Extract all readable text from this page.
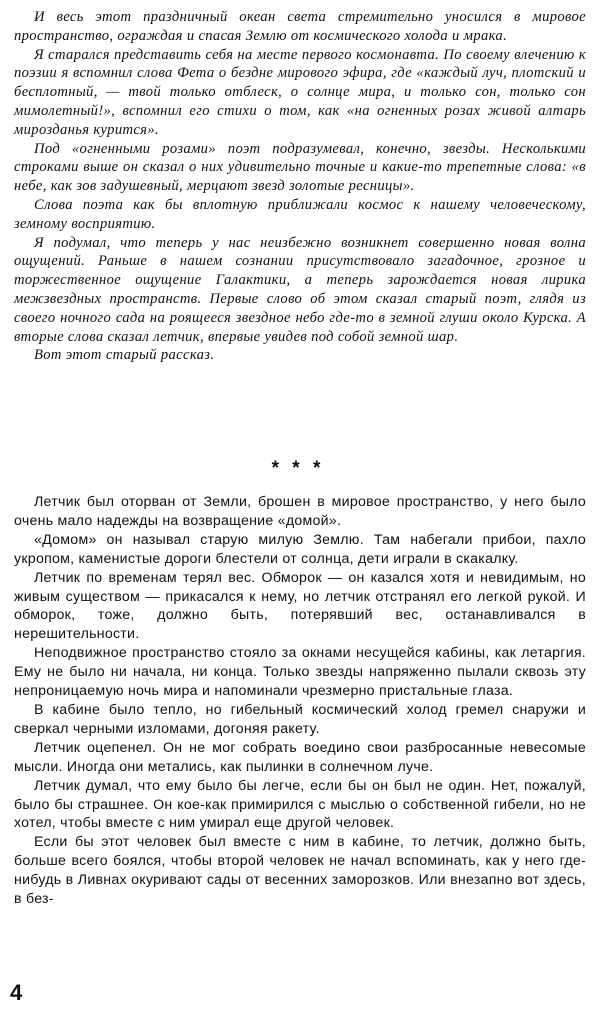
И весь этот праздничный океан света стремительно уносился в мировое пространство, ограждая и спасая Землю от космического холода и мрака.

Я старался представить себя на месте первого космонавта. По своему влечению к поэзии я вспомнил слова Фета о бездне мирового эфира, где «каждый луч, плотский и бесплотный, — твой только отблеск, о солнце мира, и только сон, только сон мимолетный!», вспомнил его стихи о том, как «на огненных розах живой алтарь мирозданья курится».

Под «огненными розами» поэт подразумевал, конечно, звезды. Несколькими строками выше он сказал о них удивительно точные и какие-то трепетные слова: «в небе, как зов задушевный, мерцают звезд золотые ресницы».

Слова поэта как бы вплотную приближали космос к нашему человеческому, земному восприятию.

Я подумал, что теперь у нас неизбежно возникнет совершенно новая волна ощущений. Раньше в нашем сознании присутствовало загадочное, грозное и торжественное ощущение Галактики, а теперь зарождается новая лирика межзвездных пространств. Первые слово об этом сказал старый поэт, глядя из своего ночного сада на роящееся звездное небо где-то в земной глуши около Курска. А вторые слова сказал летчик, впервые увидев под собой земной шар.

Вот этот старый рассказ.

* * *

Летчик был оторван от Земли, брошен в мировое пространство, у него было очень мало надежды на возвращение «домой».

«Домом» он называл старую милую Землю. Там набегали прибои, пахло укропом, каменистые дороги блестели от солнца, дети играли в скакалку.

Летчик по временам терял вес. Обморок — он казался хотя и невидимым, но живым существом — прикасался к нему, но летчик отстранял его легкой рукой. И обморок, тоже, должно быть, потерявший вес, останавливался в нерешительности.

Неподвижное пространство стояло за окнами несущейся кабины, как летаргия. Ему не было ни начала, ни конца. Только звезды напряженно пылали сквозь эту непроницаемую ночь мира и напоминали чрезмерно пристальные глаза.

В кабине было тепло, но гибельный космический холод гремел снаружи и сверкал черными изломами, догоняя ракету.

Летчик оцепенел. Он не мог собрать воедино свои разбросанные невесомые мысли. Иногда они метались, как пылинки в солнечном луче.

Летчик думал, что ему было бы легче, если бы он был не один. Нет, пожалуй, было бы страшнее. Он кое-как примирился с мыслью о собственной гибели, но не хотел, чтобы вместе с ним умирал еще другой человек.

Если бы этот человек был вместе с ним в кабине, то летчик, должно быть, больше всего боялся, чтобы второй человек не начал вспоминать, как у него где-нибудь в Ливнах окуривают сады от весенних заморозков. Или внезапно вот здесь, в без-

4
